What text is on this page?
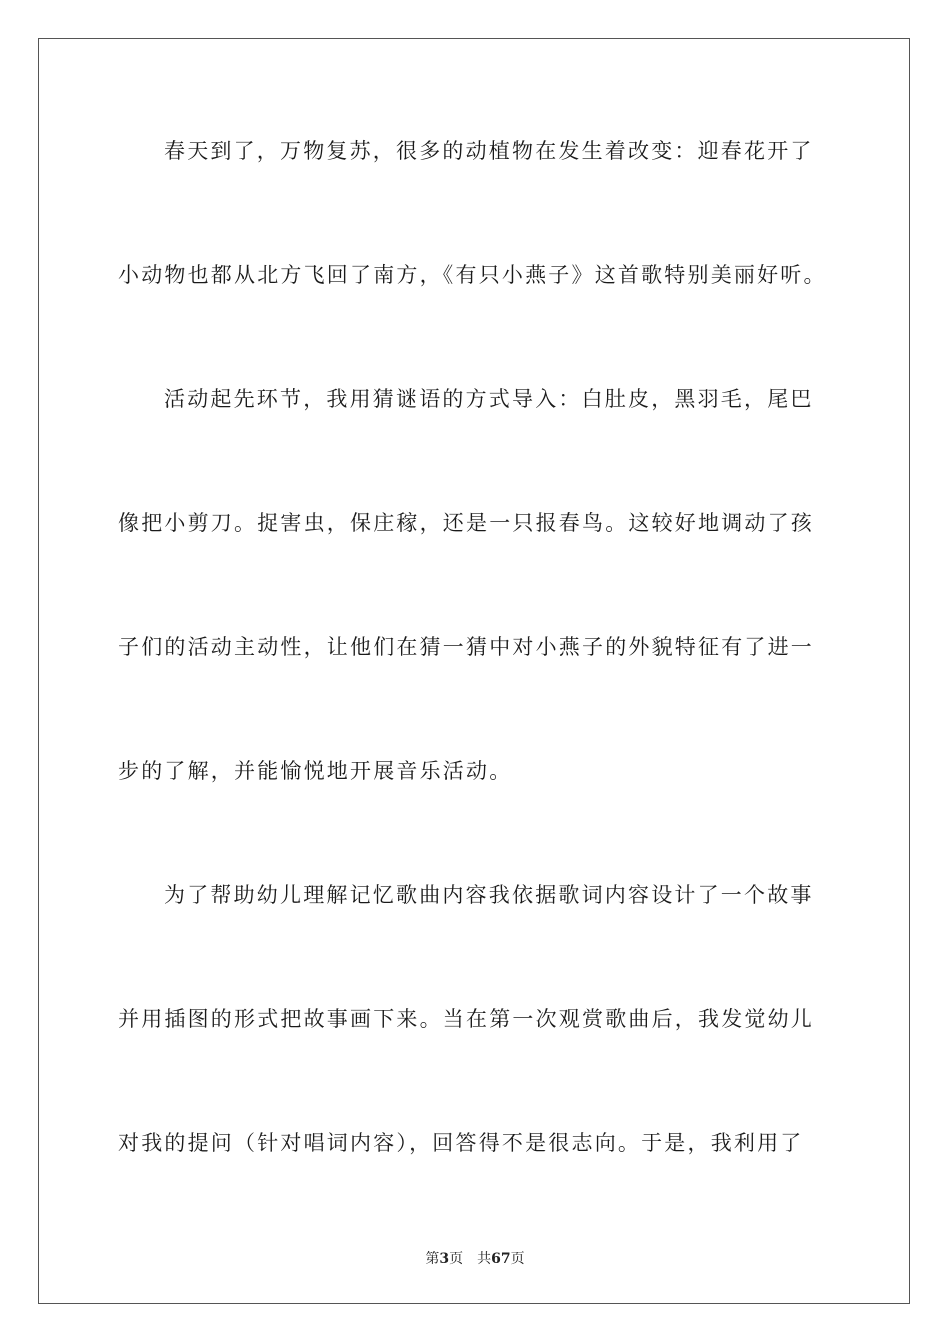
春天到了，万物复苏，很多的动植物在发生着改变：迎春花开了
小动物也都从北方飞回了南方，《有只小燕子》这首歌特别美丽好听。
活动起先环节，我用猜谜语的方式导入：白肚皮，黑羽毛，尾巴
像把小剪刀。捉害虫，保庄稼，还是一只报春鸟。这较好地调动了孩
子们的活动主动性，让他们在猜一猜中对小燕子的外貌特征有了进一
步的了解，并能愉悦地开展音乐活动。
为了帮助幼儿理解记忆歌曲内容我依据歌词内容设计了一个故事
并用插图的形式把故事画下来。当在第一次观赏歌曲后，我发觉幼儿
对我的提问（针对唱词内容），回答得不是很志向。于是，我利用了
第3页 共67页
